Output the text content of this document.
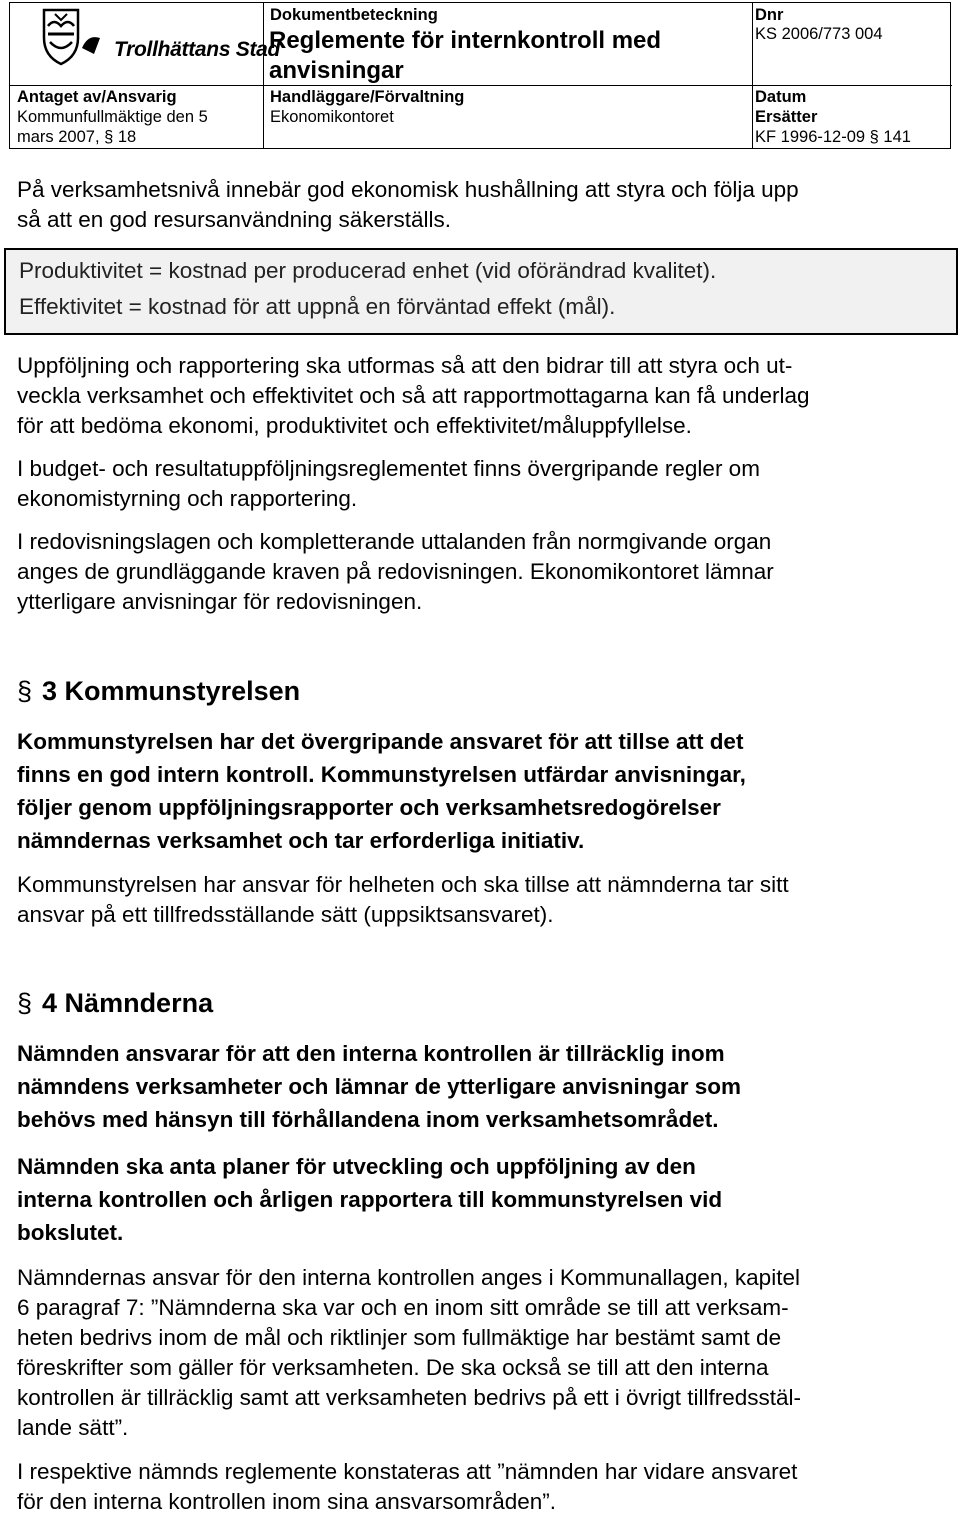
Trollhättans Stad
Dokumentbeteckning
Reglemente för internkontroll med
anvisningar
Handläggare/Förvaltning
Ekonomikontoret
Antaget av/Ansvarig
Kommunfullmäktige den 5
mars 2007, § 18
Dnr
KS 2006/773 004
Datum
Ersätter
KF 1996-12-09 § 141
På verksamhetsnivå innebär god ekonomisk hushållning att styra och följa upp
så att en god resursanvändning säkerställs.
Produktivitet = kostnad per producerad enhet (vid oförändrad kvalitet).
Effektivitet = kostnad för att uppnå en förväntad effekt (mål).
Uppföljning och rapportering ska utformas så att den bidrar till att styra och ut-
veckla verksamhet och effektivitet och så att rapportmottagarna kan få underlag
för att bedöma ekonomi, produktivitet och effektivitet/måluppfyllelse.
I budget- och resultatuppföljningsreglementet finns övergripande regler om
ekonomistyrning och rapportering.
I redovisningslagen och kompletterande uttalanden från normgivande organ
anges de grundläggande kraven på redovisningen. Ekonomikontoret lämnar
ytterligare anvisningar för redovisningen.
§ 3 Kommunstyrelsen
Kommunstyrelsen har det övergripande ansvaret för att tillse att det
finns en god intern kontroll. Kommunstyrelsen utfärdar anvisningar,
följer genom uppföljningsrapporter och verksamhetsredogörelser
nämndernas verksamhet och tar erforderliga initiativ.
Kommunstyrelsen har ansvar för helheten och ska tillse att nämnderna tar sitt
ansvar på ett tillfredsställande sätt (uppsiktsansvaret).
§ 4 Nämnderna
Nämnden ansvarar för att den interna kontrollen är tillräcklig inom
nämndens verksamheter och lämnar de ytterligare anvisningar som
behövs med hänsyn till förhållandena inom verksamhetsområdet.
Nämnden ska anta planer för utveckling och uppföljning av den
interna kontrollen och årligen rapportera till kommunstyrelsen vid
bokslutet.
Nämndernas ansvar för den interna kontrollen anges i Kommunallagen, kapitel
6 paragraf 7: ”Nämnderna ska var och en inom sitt område se till att verksam-
heten bedrivs inom de mål och riktlinjer som fullmäktige har bestämt samt de
föreskrifter som gäller för verksamheten. De ska också se till att den interna
kontrollen är tillräcklig samt att verksamheten bedrivs på ett i övrigt tillfredsstäl-
lande sätt”.
I respektive nämnds reglemente konstateras att ”nämnden har vidare ansvaret
för den interna kontrollen inom sina ansvarsområden”.
